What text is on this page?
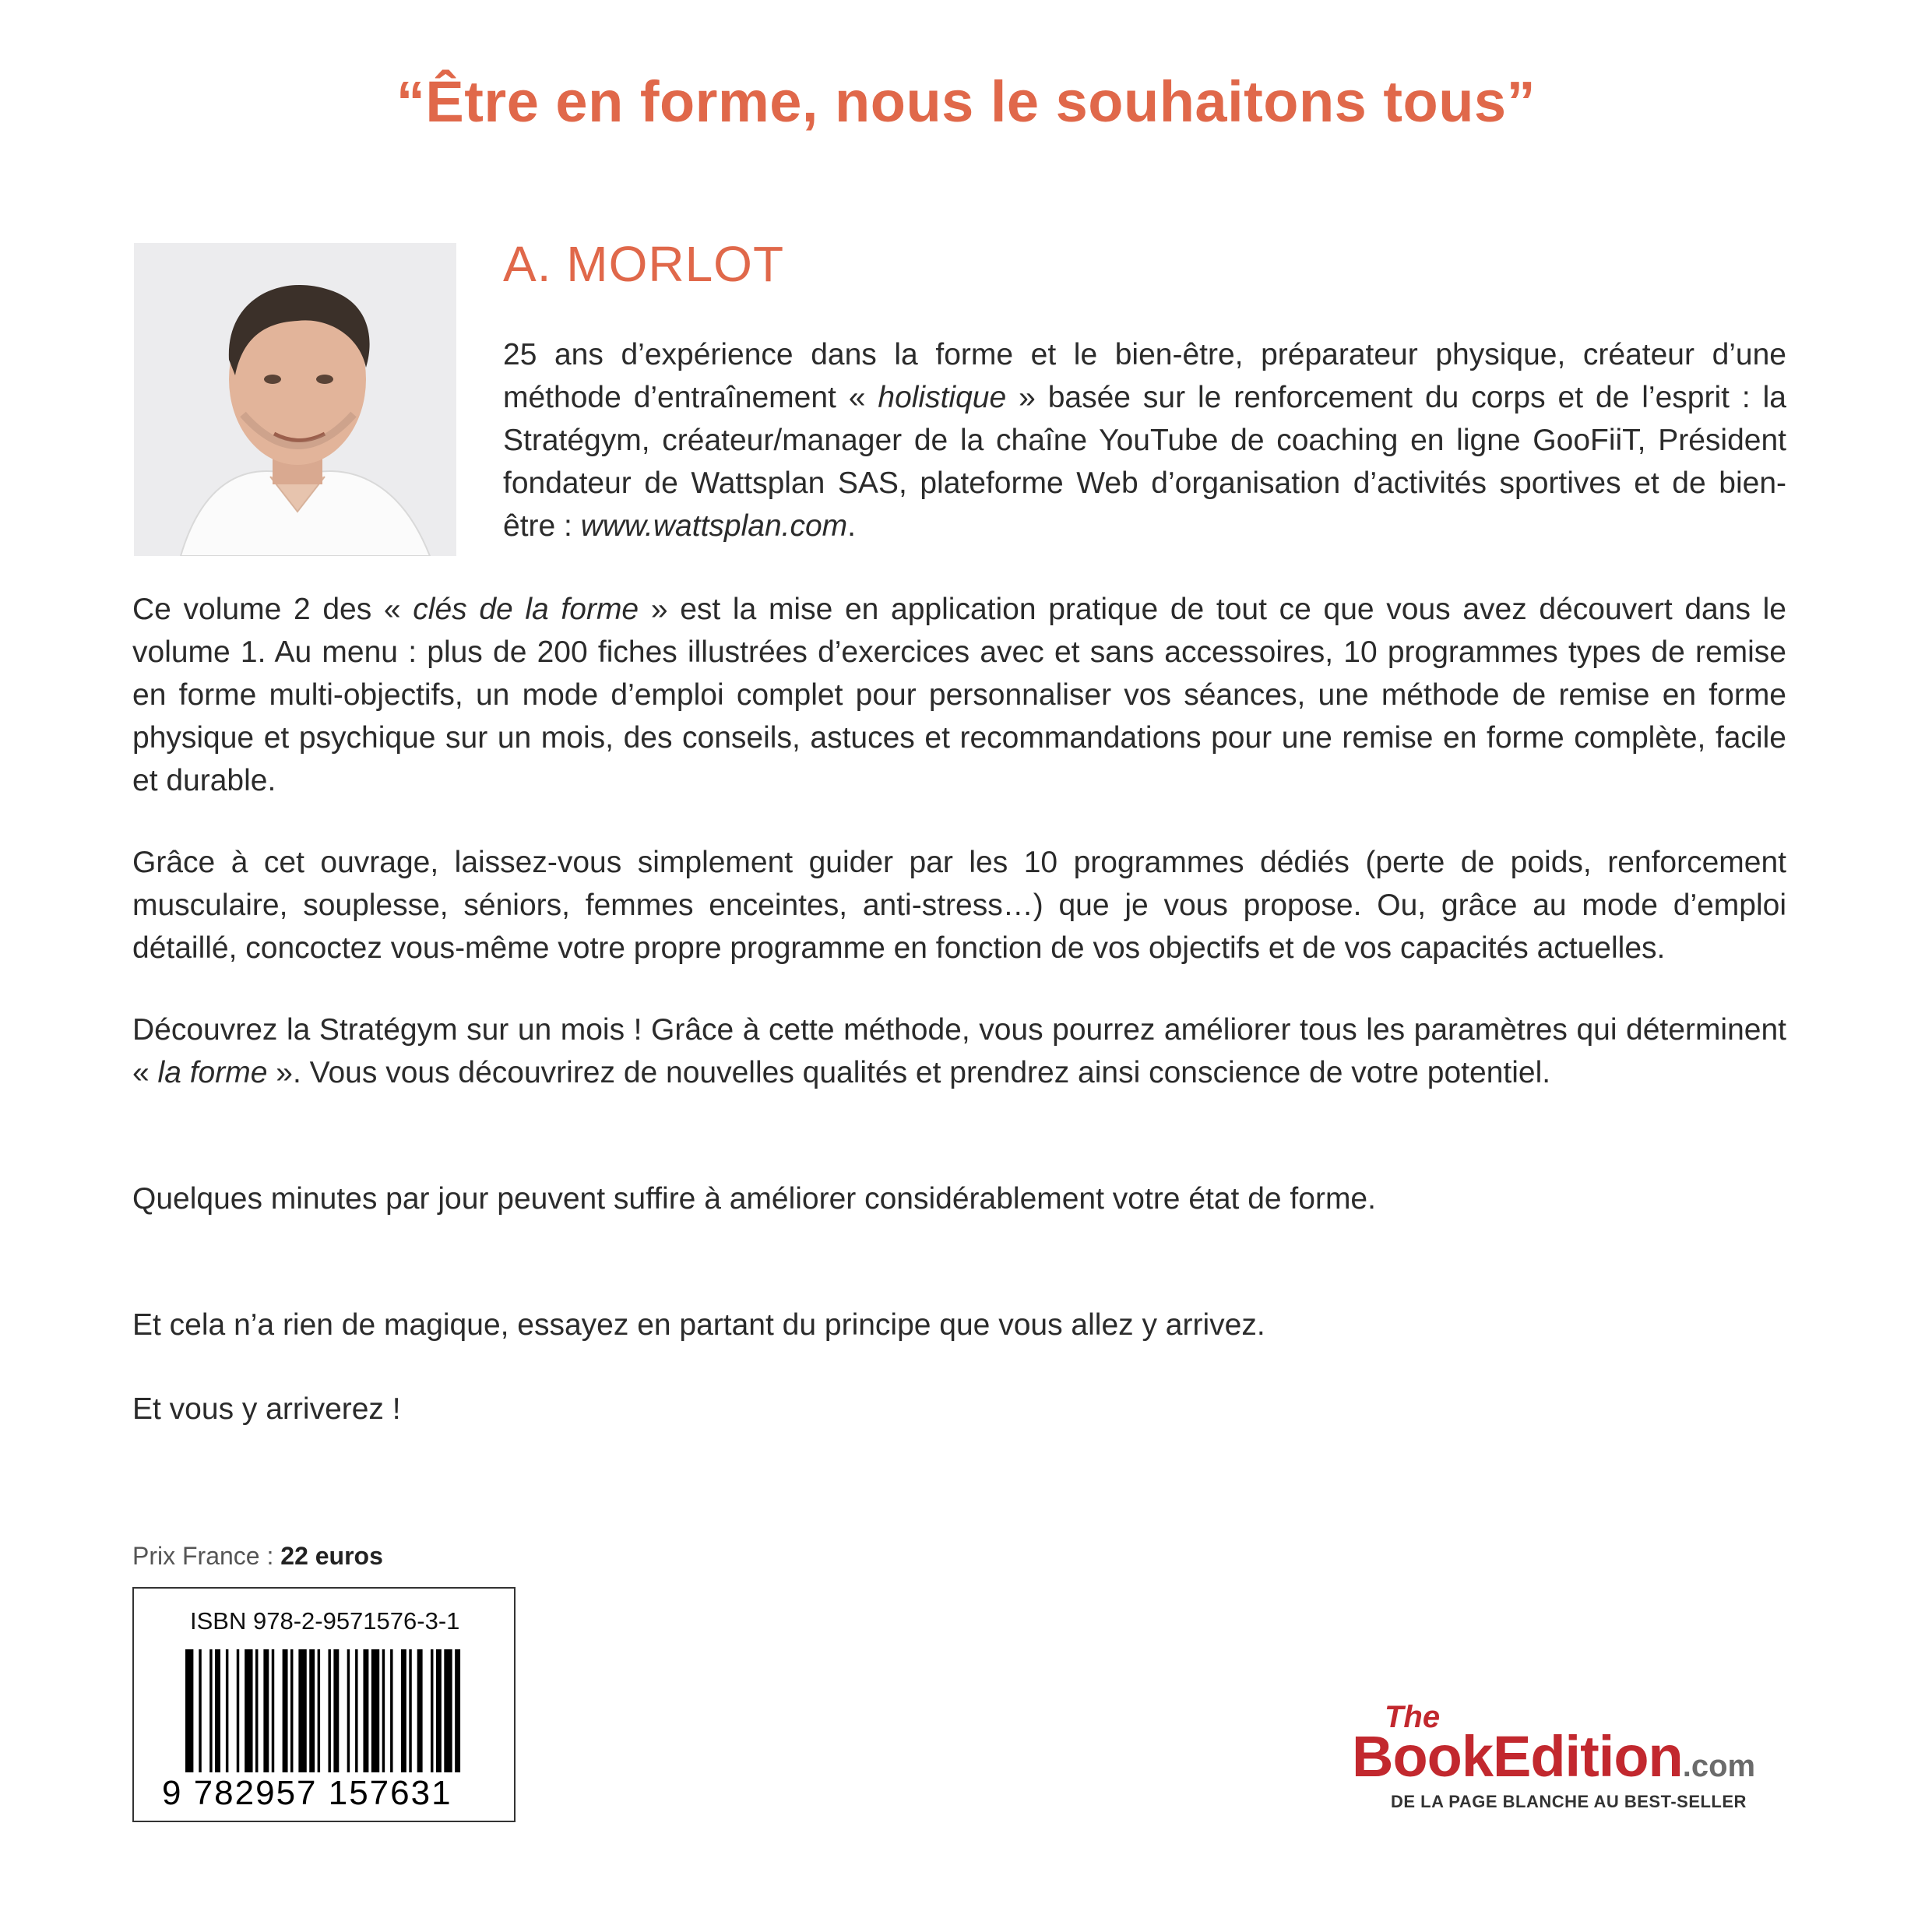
“Être en forme, nous le souhaitons tous”
A. MORLOT
25 ans d’expérience dans la forme et le bien-être, préparateur physique, créateur d’une méthode d’entraînement « holistique » basée sur le renforcement du corps et de l’esprit : la Stratégym, créateur/manager de la chaîne YouTube de coaching en ligne GooFiiT, Président fondateur de Wattsplan SAS, plateforme Web d’organisation d’activités sportives et de bien-être : www.wattsplan.com.

Ce volume 2 des « clés de la forme » est la mise en application pratique de tout ce que vous avez découvert dans le volume 1. Au menu : plus de 200 fiches illustrées d’exercices avec et sans accessoires, 10 programmes types de remise en forme multi-objectifs, un mode d’emploi complet pour personnaliser vos séances, une méthode de remise en forme physique et psychique sur un mois, des conseils, astuces et recommandations pour une remise en forme complète, facile et durable.

Grâce à cet ouvrage, laissez-vous simplement guider par les 10 programmes dédiés (perte de poids, renforcement musculaire, souplesse, séniors, femmes enceintes, anti-stress…) que je vous propose. Ou, grâce au mode d’emploi détaillé, concoctez vous-même votre propre programme en fonction de vos objectifs et de vos capacités actuelles.

Découvrez la Stratégym sur un mois ! Grâce à cette méthode, vous pourrez améliorer tous les paramètres qui déterminent « la forme ». Vous vous découvrirez de nouvelles qualités et prendrez ainsi conscience de votre potentiel.

Quelques minutes par jour peuvent suffire à améliorer considérablement votre état de forme.

Et cela n’a rien de magique, essayez en partant du principe que vous allez y arrivez.

Et vous y arriverez !

Prix France : 22 euros
ISBN 978-2-9571576-3-1
9 782957 157631
The
BookEdition.com
DE LA PAGE BLANCHE AU BEST-SELLER
